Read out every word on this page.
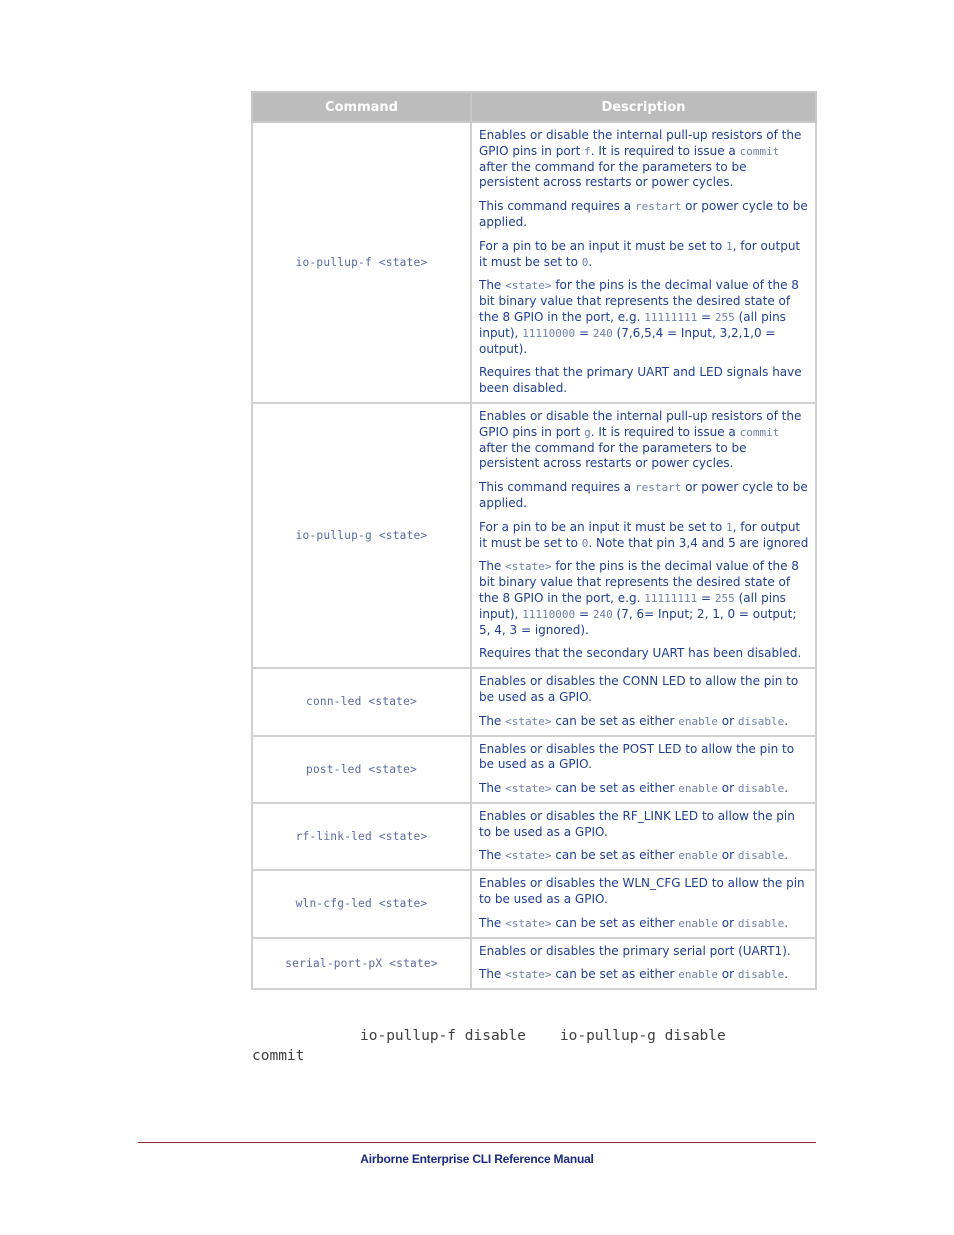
Command	Description
io-pullup-f <state>	Enables or disable the internal pull-up resistors of the GPIO pins in port f. It is required to issue a commit after the command for the parameters to be persistent across restarts or power cycles.
This command requires a restart or power cycle to be applied.
For a pin to be an input it must be set to 1, for output it must be set to 0.
The <state> for the pins is the decimal value of the 8 bit binary value that represents the desired state of the 8 GPIO in the port, e.g. 11111111 = 255 (all pins input), 11110000 = 240 (7,6,5,4 = Input, 3,2,1,0 = output).
Requires that the primary UART and LED signals have been disabled.

io-pullup-g <state>	Enables or disable the internal pull-up resistors of the GPIO pins in port g. It is required to issue a commit after the command for the parameters to be persistent across restarts or power cycles.
This command requires a restart or power cycle to be applied.
For a pin to be an input it must be set to 1, for output it must be set to 0. Note that pin 3,4 and 5 are ignored
The <state> for the pins is the decimal value of the 8 bit binary value that represents the desired state of the 8 GPIO in the port, e.g. 11111111 = 255 (all pins input), 11110000 = 240 (7, 6= Input; 2, 1, 0 = output; 5, 4, 3 = ignored).
Requires that the secondary UART has been disabled.

conn-led <state>	Enables or disables the CONN LED to allow the pin to be used as a GPIO.
The <state> can be set as either enable or disable.

post-led <state>	Enables or disables the POST LED to allow the pin to be used as a GPIO.
The <state> can be set as either enable or disable.

rf-link-led <state>	Enables or disables the RF_LINK LED to allow the pin to be used as a GPIO.
The <state> can be set as either enable or disable.

wln-cfg-led <state>	Enables or disables the WLN_CFG LED to allow the pin to be used as a GPIO.
The <state> can be set as either enable or disable.

serial-port-pX <state>	Enables or disables the primary serial port (UART1).
The <state> can be set as either enable or disable.
io-pullup-f disable io-pullup-g disable
commit
Airborne Enterprise CLI Reference Manual
